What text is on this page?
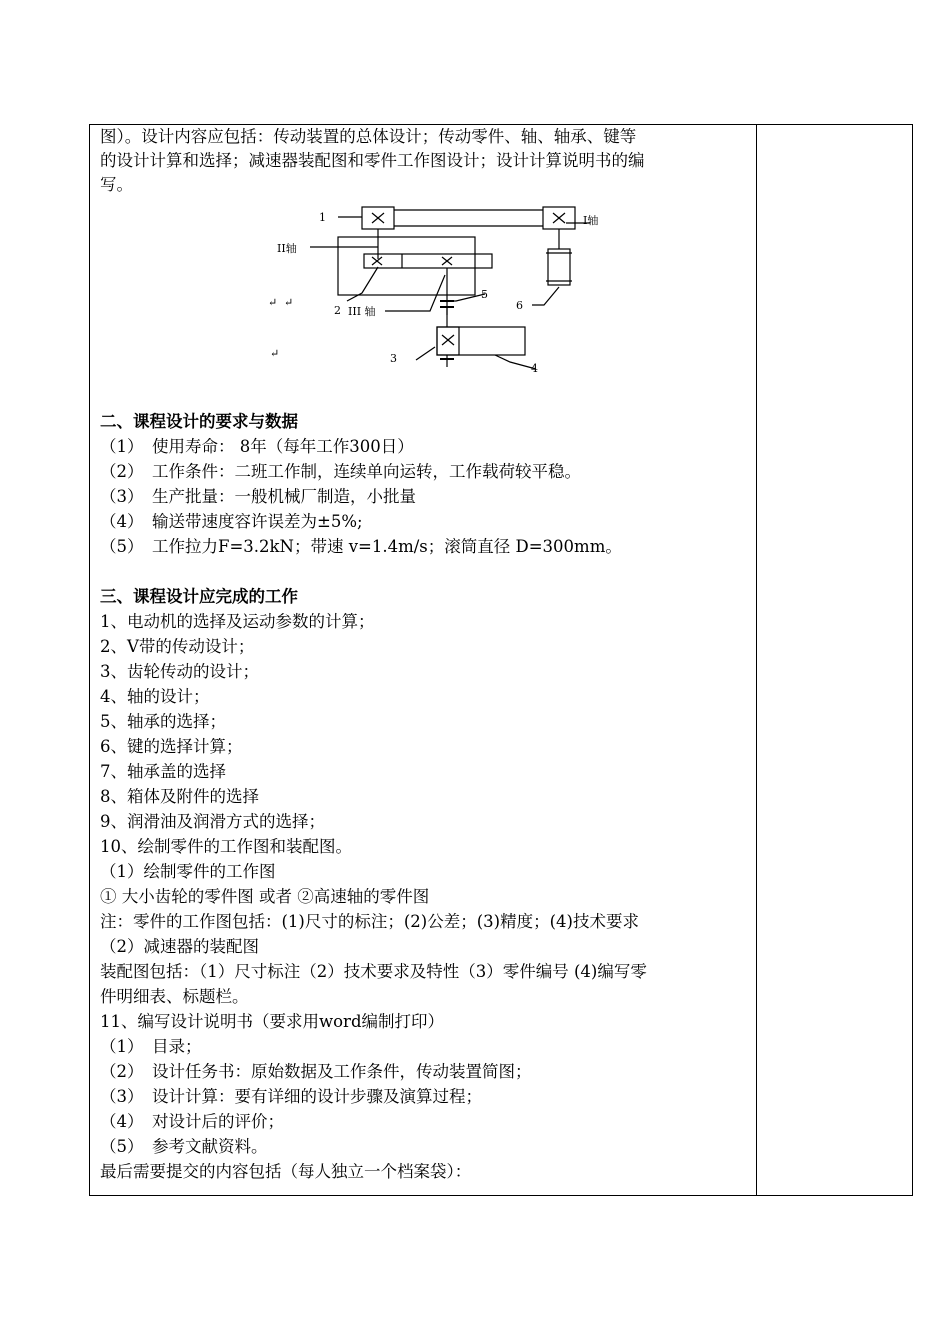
图）。设计内容应包括：传动装置的总体设计；传动零件、轴、轴承、键等
的设计计算和选择；减速器装配图和零件工作图设计；设计计算说明书的编
写。
1	I轴
II轴
2 III 轴
5
6
3
4
↵ ↵
↵
二、课程设计的要求与数据
（1） 使用寿命： 8年（每年工作300日）
（2） 工作条件：二班工作制，连续单向运转，工作载荷较平稳。
（3） 生产批量：一般机械厂制造，小批量
（4） 输送带速度容许误差为±5%;
（5） 工作拉力F=3.2kN；带速 v=1.4m/s；滚筒直径 D=300mm。
三、课程设计应完成的工作
1、电动机的选择及运动参数的计算；
2、V带的传动设计；
3、齿轮传动的设计；
4、轴的设计；
5、轴承的选择；
6、键的选择计算；
7、轴承盖的选择
8、箱体及附件的选择
9、润滑油及润滑方式的选择；
10、绘制零件的工作图和装配图。
（1）绘制零件的工作图
① 大小齿轮的零件图 或者 ②高速轴的零件图
注：零件的工作图包括：(1)尺寸的标注；(2)公差；(3)精度；(4)技术要求
（2）减速器的装配图
装配图包括：（1）尺寸标注（2）技术要求及特性（3）零件编号 (4)编写零
件明细表、标题栏。
11、编写设计说明书（要求用word编制打印）
（1） 目录；
（2） 设计任务书：原始数据及工作条件，传动装置简图；
（3） 设计计算：要有详细的设计步骤及演算过程；
（4） 对设计后的评价；
（5） 参考文献资料。
最后需要提交的内容包括（每人独立一个档案袋）：
